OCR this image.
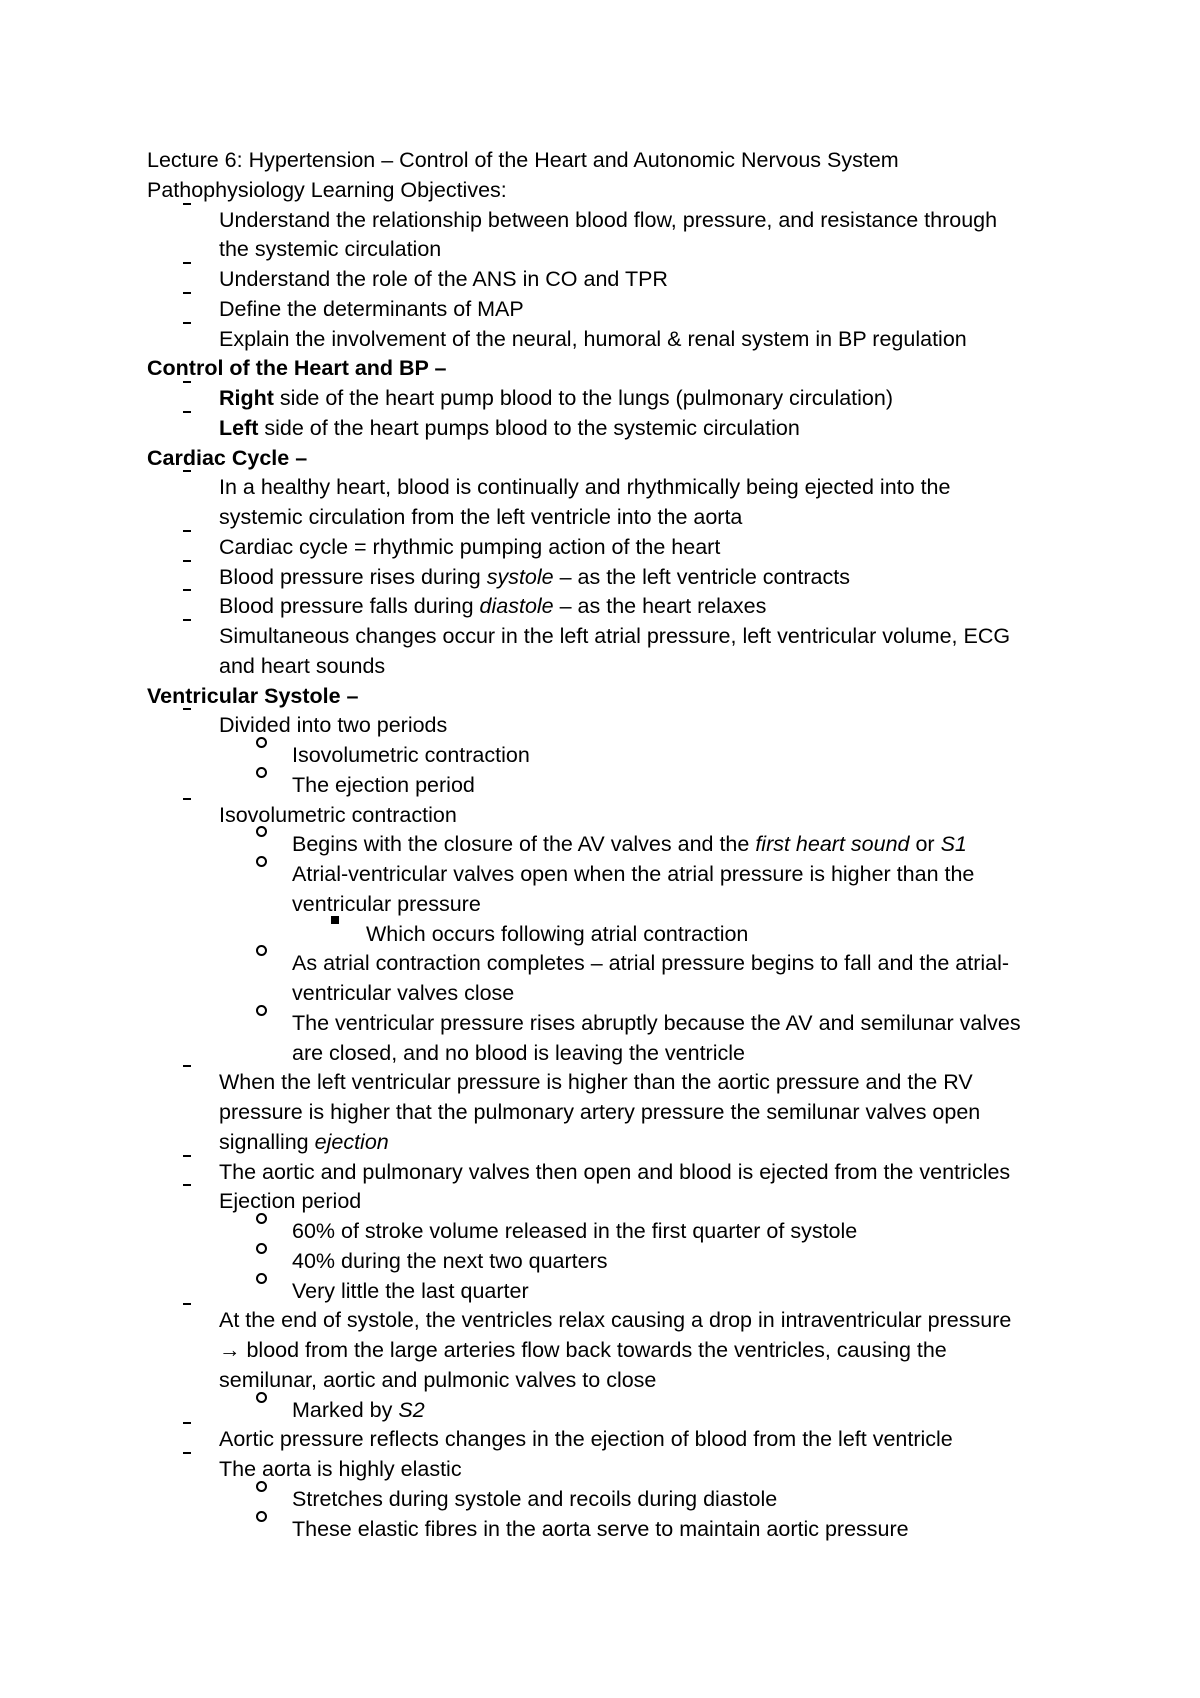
Lecture 6: Hypertension – Control of the Heart and Autonomic Nervous System
Pathophysiology Learning Objectives:
Understand the relationship between blood flow, pressure, and resistance through
the systemic circulation
Understand the role of the ANS in CO and TPR
Define the determinants of MAP
Explain the involvement of the neural, humoral & renal system in BP regulation
Control of the Heart and BP –
Right side of the heart pump blood to the lungs (pulmonary circulation)
Left side of the heart pumps blood to the systemic circulation
Cardiac Cycle –
In a healthy heart, blood is continually and rhythmically being ejected into the
systemic circulation from the left ventricle into the aorta
Cardiac cycle = rhythmic pumping action of the heart
Blood pressure rises during systole – as the left ventricle contracts
Blood pressure falls during diastole – as the heart relaxes
Simultaneous changes occur in the left atrial pressure, left ventricular volume, ECG
and heart sounds
Ventricular Systole –
Divided into two periods
Isovolumetric contraction
The ejection period
Isovolumetric contraction
Begins with the closure of the AV valves and the first heart sound or S1
Atrial-ventricular valves open when the atrial pressure is higher than the
ventricular pressure
Which occurs following atrial contraction
As atrial contraction completes – atrial pressure begins to fall and the atrial-
ventricular valves close
The ventricular pressure rises abruptly because the AV and semilunar valves
are closed, and no blood is leaving the ventricle
When the left ventricular pressure is higher than the aortic pressure and the RV
pressure is higher that the pulmonary artery pressure the semilunar valves open
signalling ejection
The aortic and pulmonary valves then open and blood is ejected from the ventricles
Ejection period
60% of stroke volume released in the first quarter of systole
40% during the next two quarters
Very little the last quarter
At the end of systole, the ventricles relax causing a drop in intraventricular pressure
→ blood from the large arteries flow back towards the ventricles, causing the
semilunar, aortic and pulmonic valves to close
Marked by S2
Aortic pressure reflects changes in the ejection of blood from the left ventricle
The aorta is highly elastic
Stretches during systole and recoils during diastole
These elastic fibres in the aorta serve to maintain aortic pressure
